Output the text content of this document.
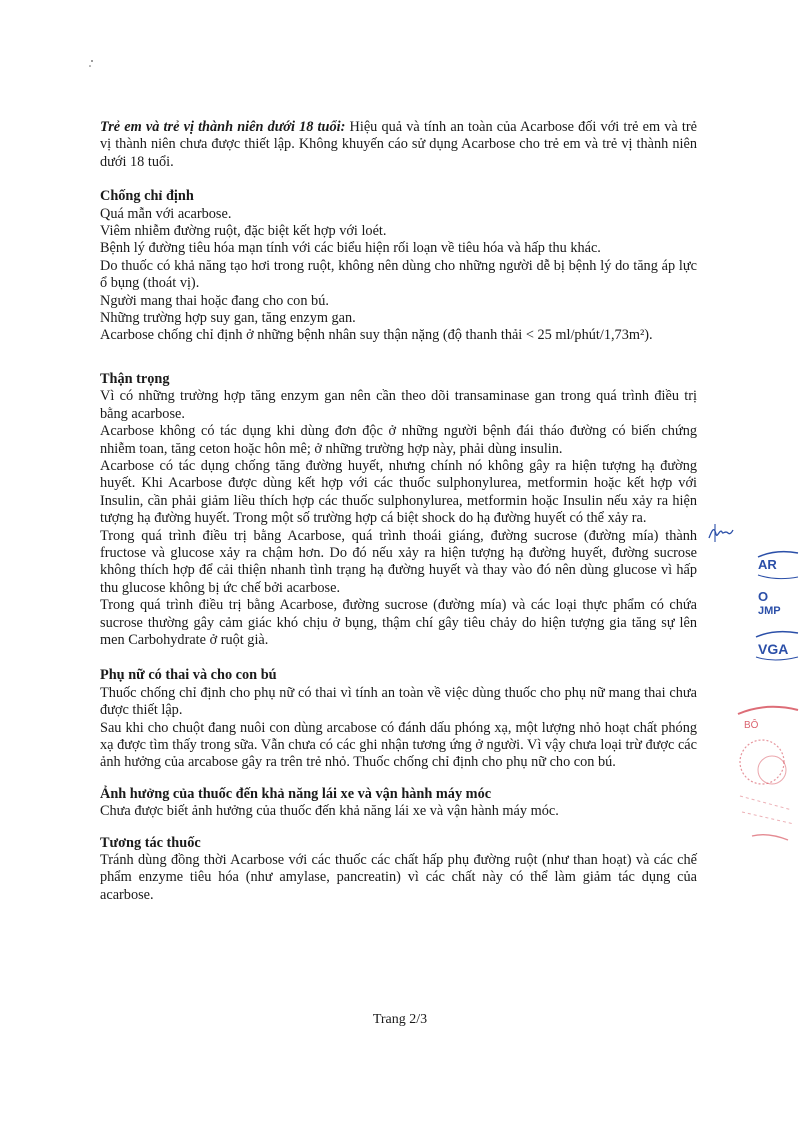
Trẻ em và trẻ vị thành niên dưới 18 tuổi: Hiệu quả và tính an toàn của Acarbose đối với trẻ em và trẻ vị thành niên chưa được thiết lập. Không khuyến cáo sử dụng Acarbose cho trẻ em và trẻ vị thành niên dưới 18 tuổi.

Chống chỉ định

Quá mẫn với acarbose.

Viêm nhiễm đường ruột, đặc biệt kết hợp với loét.

Bệnh lý đường tiêu hóa mạn tính với các biểu hiện rối loạn về tiêu hóa và hấp thu khác.

Do thuốc có khả năng tạo hơi trong ruột, không nên dùng cho những người dễ bị bệnh lý do tăng áp lực ổ bụng (thoát vị).

Người mang thai hoặc đang cho con bú.

Những trường hợp suy gan, tăng enzym gan.

Acarbose chống chỉ định ở những bệnh nhân suy thận nặng (độ thanh thải < 25 ml/phút/1,73m²).

Thận trọng

Vì có những trường hợp tăng enzym gan nên cần theo dõi transaminase gan trong quá trình điều trị bằng acarbose.

Acarbose không có tác dụng khi dùng đơn độc ở những người bệnh đái tháo đường có biến chứng nhiễm toan, tăng ceton hoặc hôn mê; ở những trường hợp này, phải dùng insulin.

Acarbose có tác dụng chống tăng đường huyết, nhưng chính nó không gây ra hiện tượng hạ đường huyết. Khi Acarbose được dùng kết hợp với các thuốc sulphonylurea, metformin hoặc kết hợp với Insulin, cần phải giảm liều thích hợp các thuốc sulphonylurea, metformin hoặc Insulin nếu xảy ra hiện tượng hạ đường huyết. Trong một số trường hợp cá biệt shock do hạ đường huyết có thể xảy ra.

Trong quá trình điều trị bằng Acarbose, quá trình thoái giáng, đường sucrose (đường mía) thành fructose và glucose xảy ra chậm hơn. Do đó nếu xảy ra hiện tượng hạ đường huyết, đường sucrose không thích hợp để cải thiện nhanh tình trạng hạ đường huyết và thay vào đó nên dùng glucose vì hấp thu glucose không bị ức chế bởi acarbose.

Trong quá trình điều trị bằng Acarbose, đường sucrose (đường mía) và các loại thực phẩm có chứa sucrose thường gây cảm giác khó chịu ở bụng, thậm chí gây tiêu chảy do hiện tượng gia tăng sự lên men Carbohydrate ở ruột già.

Phụ nữ có thai và cho con bú

Thuốc chống chỉ định cho phụ nữ có thai vì tính an toàn về việc dùng thuốc cho phụ nữ mang thai chưa được thiết lập.

Sau khi cho chuột đang nuôi con dùng arcabose có đánh dấu phóng xạ, một lượng nhỏ hoạt chất phóng xạ được tìm thấy trong sữa. Vẫn chưa có các ghi nhận tương ứng ở người. Vì vậy chưa loại trừ được các ảnh hưởng của arcabose gây ra trên trẻ nhỏ. Thuốc chống chỉ định cho phụ nữ cho con bú.

Ảnh hưởng của thuốc đến khả năng lái xe và vận hành máy móc

Chưa được biết ảnh hưởng của thuốc đến khả năng lái xe và vận hành máy móc.

Tương tác thuốc

Tránh dùng đồng thời Acarbose với các thuốc các chất hấp phụ đường ruột (như than hoạt) và các chế phẩm enzyme tiêu hóa (như amylase, pancreatin) vì các chất này có thể làm giảm tác dụng của acarbose.

Trang 2/3
AR
O
JMP
VGA
BÔ
